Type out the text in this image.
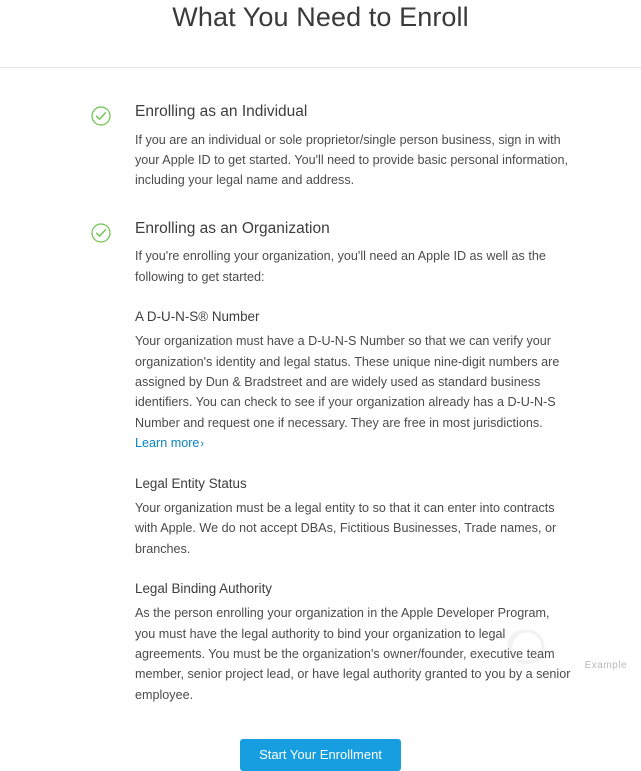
What You Need to Enroll
Enrolling as an Individual

If you are an individual or sole proprietor/single person business, sign in with your Apple ID to get started. You'll need to provide basic personal information, including your legal name and address.

Enrolling as an Organization

If you're enrolling your organization, you'll need an Apple ID as well as the following to get started:

A D-U-N-S® Number

Your organization must have a D-U-N-S Number so that we can verify your organization's identity and legal status. These unique nine-digit numbers are assigned by Dun & Bradstreet and are widely used as standard business identifiers. You can check to see if your organization already has a D-U-N-S Number and request one if necessary. They are free in most jurisdictions. Learn more›

Legal Entity Status

Your organization must be a legal entity to so that it can enter into contracts with Apple. We do not accept DBAs, Fictitious Businesses, Trade names, or branches.

Legal Binding Authority

As the person enrolling your organization in the Apple Developer Program, you must have the legal authority to bind your organization to legal agreements. You must be the organization's owner/founder, executive team member, senior project lead, or have legal authority granted to you by a senior employee.

Start Your Enrollment
Example
